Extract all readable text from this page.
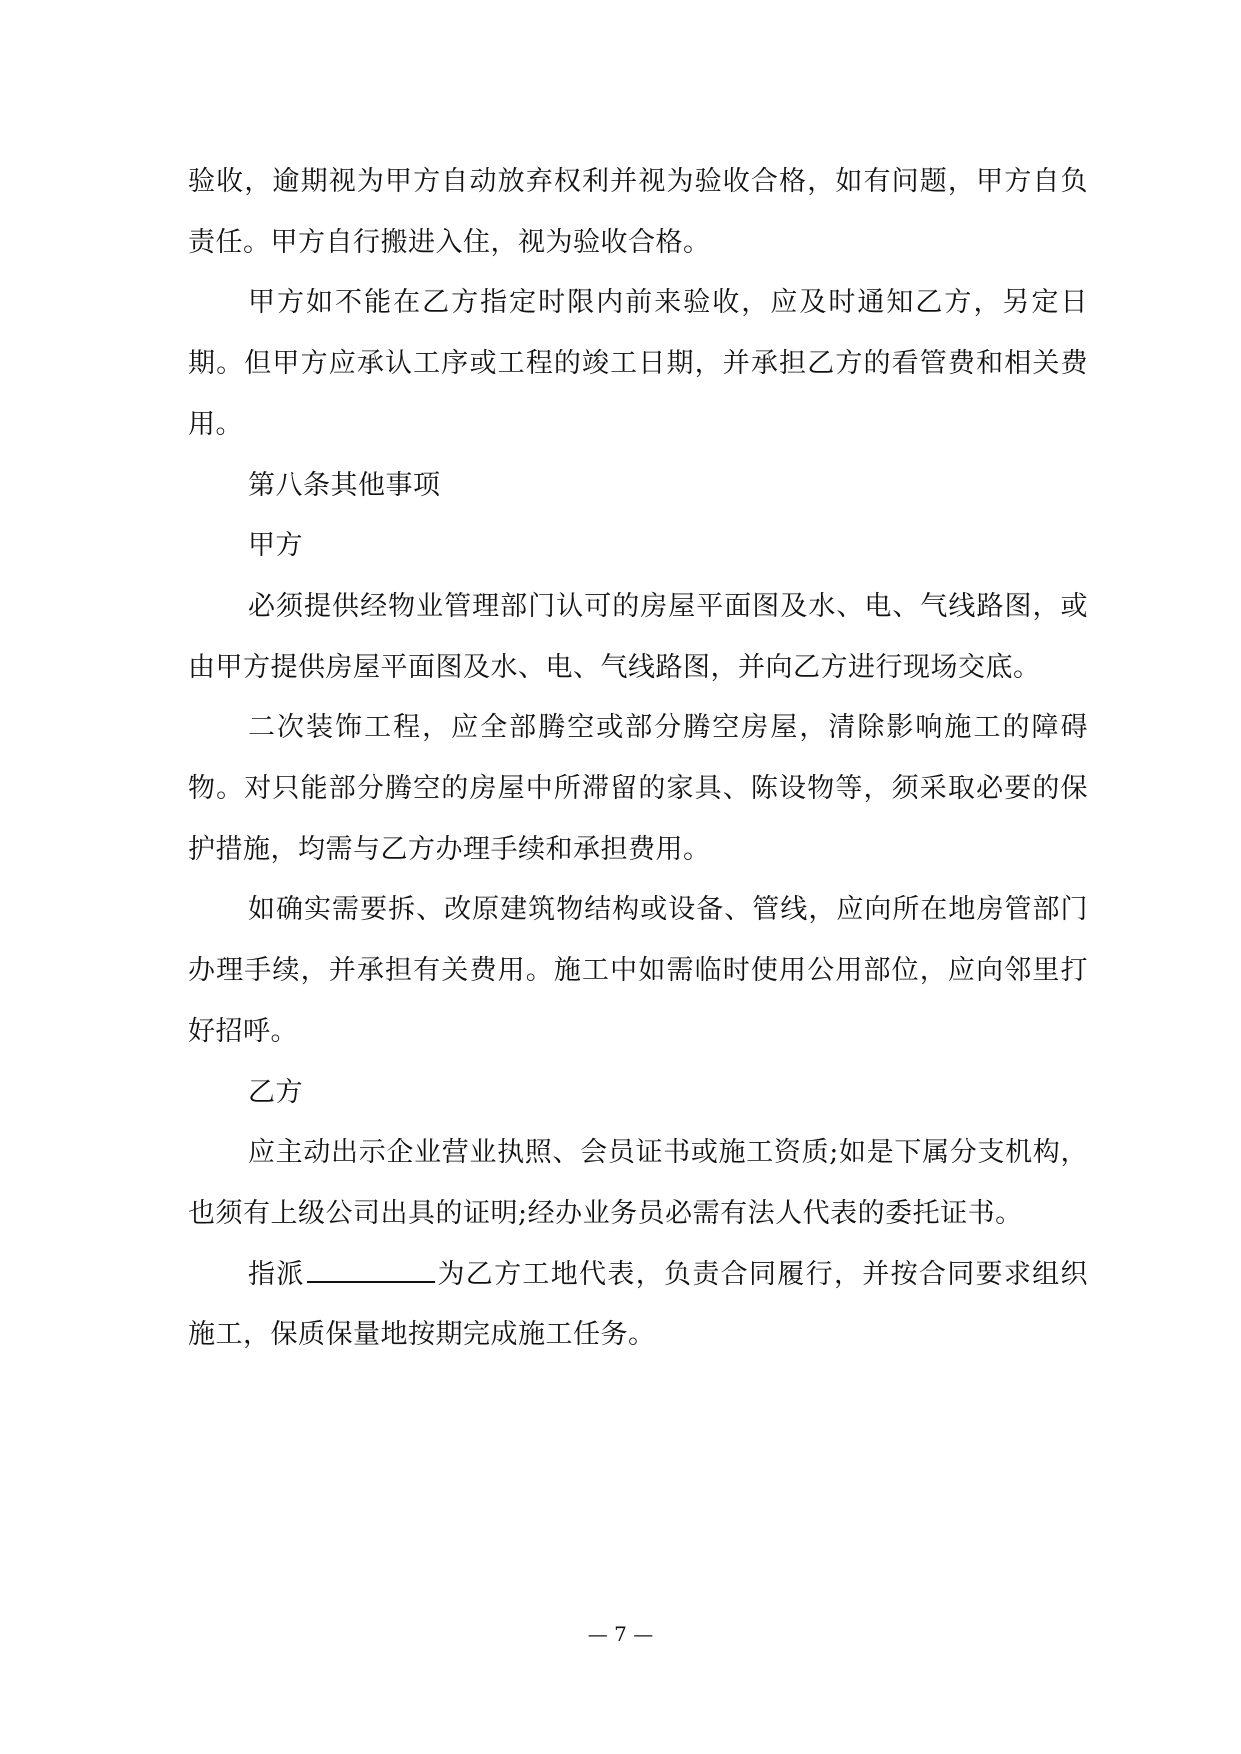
验收，逾期视为甲方自动放弃权利并视为验收合格，如有问题，甲方自负责任。甲方自行搬进入住，视为验收合格。

甲方如不能在乙方指定时限内前来验收，应及时通知乙方，另定日期。但甲方应承认工序或工程的竣工日期，并承担乙方的看管费和相关费用。

第八条其他事项

甲方

必须提供经物业管理部门认可的房屋平面图及水、电、气线路图，或由甲方提供房屋平面图及水、电、气线路图，并向乙方进行现场交底。

二次装饰工程，应全部腾空或部分腾空房屋，清除影响施工的障碍物。对只能部分腾空的房屋中所滞留的家具、陈设物等，须采取必要的保护措施，均需与乙方办理手续和承担费用。

如确实需要拆、改原建筑物结构或设备、管线，应向所在地房管部门办理手续，并承担有关费用。施工中如需临时使用公用部位，应向邻里打好招呼。

乙方

应主动出示企业营业执照、会员证书或施工资质;如是下属分支机构，也须有上级公司出具的证明;经办业务员必需有法人代表的委托证书。

指派	为乙方工地代表，负责合同履行，并按合同要求组织施工，保质保量地按期完成施工任务。

— 7 —
